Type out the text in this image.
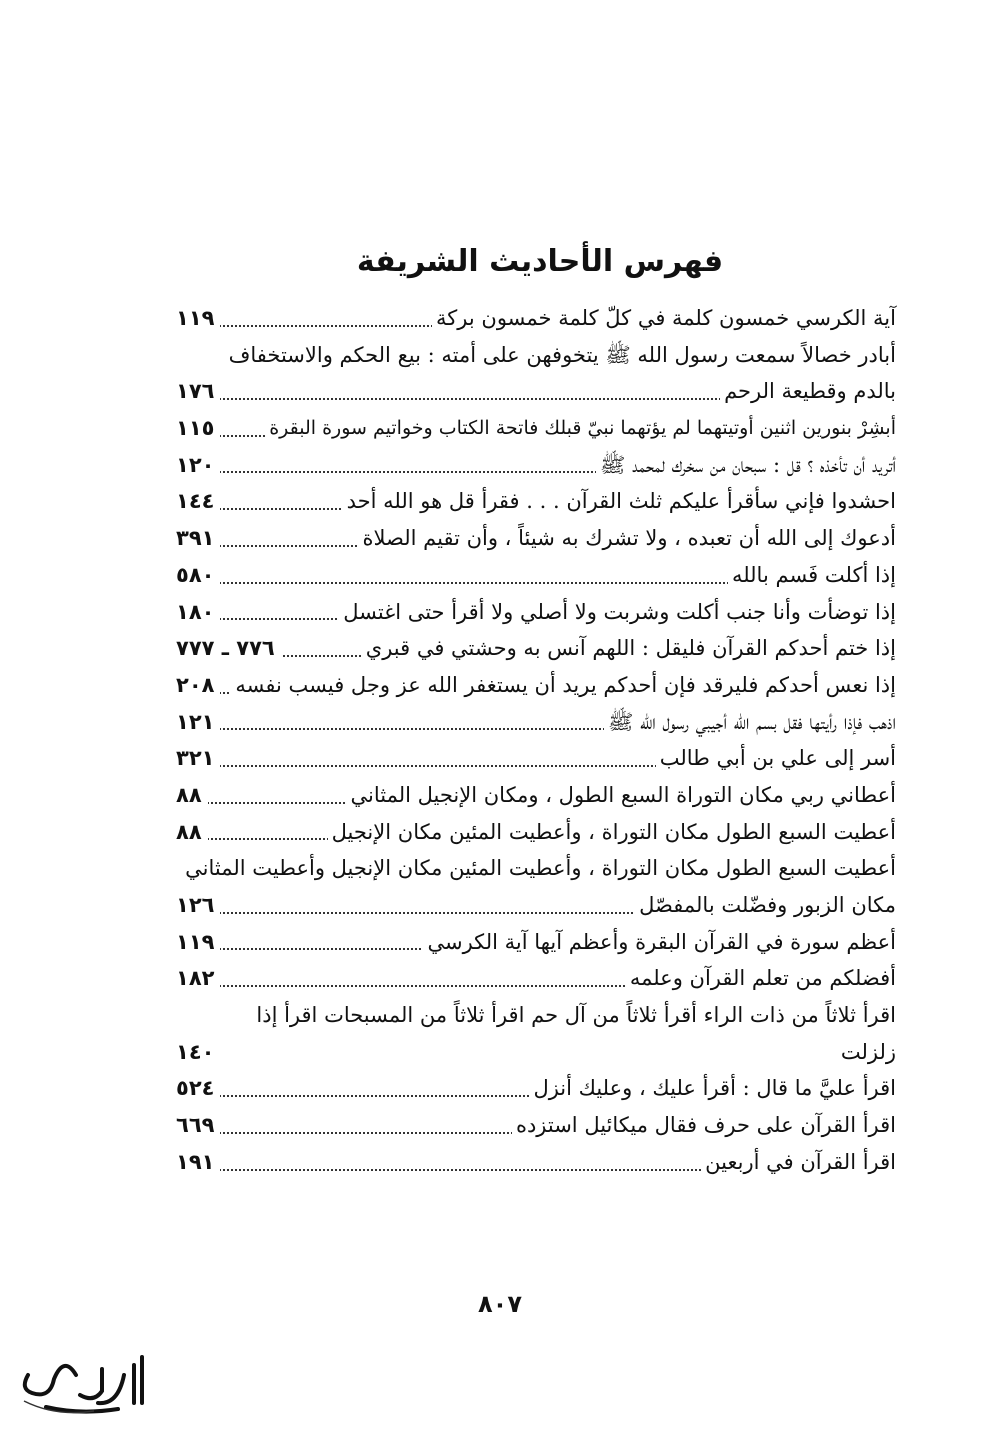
فهرس الأحاديث الشريفة
آية الكرسي خمسون كلمة في كلّ كلمة خمسون بركة
١١٩
أبادر خصالاً سمعت رسول الله ﷺ يتخوفهن على أمته : بيع الحكم والاستخفاف
بالدم وقطيعة الرحم
١٧٦
أبشِرْ بنورين اثنين أوتيتهما لم يؤتهما نبيّ قبلك فاتحة الكتاب وخواتيم سورة البقرة
١١٥
أتريد أن تأخذه ؟ قل : سبحان من سخرك لمحمد ﷺ
١٢٠
احشدوا فإني سأقرأ عليكم ثلث القرآن . . . فقرأ قل هو الله أحد
١٤٤
أدعوك إلى الله أن تعبده ، ولا تشرك به شيئاً ، وأن تقيم الصلاة
٣٩١
إذا أكلت فَسم بالله
٥٨٠
إذا توضأت وأنا جنب أكلت وشربت ولا أصلي ولا أقرأ حتى اغتسل
١٨٠
إذا ختم أحدكم القرآن فليقل : اللهم آنس به وحشتي في قبري
٧٧٦ ـ ٧٧٧
إذا نعس أحدكم فليرقد فإن أحدكم يريد أن يستغفر الله عز وجل فيسب نفسه
٢٠٨
اذهب فإذا رأيتها فقل بسم الله أجيبي رسول الله ﷺ
١٢١
أسر إلى علي بن أبي طالب
٣٢١
أعطاني ربي مكان التوراة السبع الطول ، ومكان الإنجيل المثاني
٨٨
أعطيت السبع الطول مكان التوراة ، وأعطيت المئين مكان الإنجيل
٨٨
أعطيت السبع الطول مكان التوراة ، وأعطيت المئين مكان الإنجيل وأعطيت المثاني
مكان الزبور وفضّلت بالمفصّل
١٢٦
أعظم سورة في القرآن البقرة وأعظم آيها آية الكرسي
١١٩
أفضلكم من تعلم القرآن وعلمه
١٨٢
اقرأ ثلاثاً من ذات الراء أقرأ ثلاثاً من آل حم اقرأ ثلاثاً من المسبحات اقرأ إذا
زلزلت
١٤٠
اقرأ عليَّ ما قال : أقرأ عليك ، وعليك أنزل
٥٢٤
اقرأ القرآن على حرف فقال ميكائيل استزده
٦٦٩
اقرأ القرآن في أربعين
١٩١
٨٠٧
